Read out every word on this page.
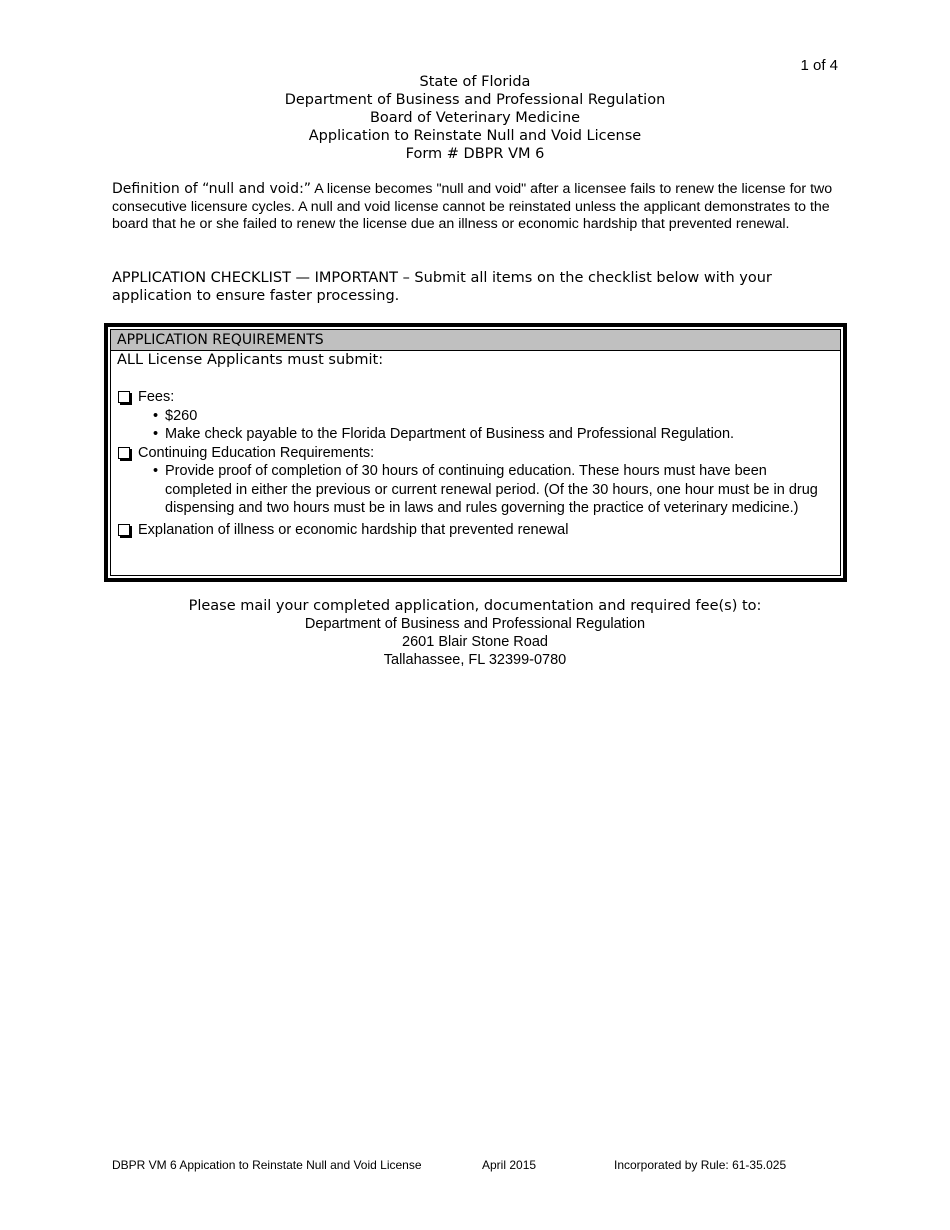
1 of 4
State of Florida
Department of Business and Professional Regulation
Board of Veterinary Medicine
Application to Reinstate Null and Void License
Form # DBPR VM 6
Definition of “null and void:” A license becomes "null and void" after a licensee fails to renew the license for two consecutive licensure cycles. A null and void license cannot be reinstated unless the applicant demonstrates to the board that he or she failed to renew the license due an illness or economic hardship that prevented renewal.
APPLICATION CHECKLIST — IMPORTANT – Submit all items on the checklist below with your application to ensure faster processing.
APPLICATION REQUIREMENTS
ALL License Applicants must submit:
Fees:
• $260
• Make check payable to the Florida Department of Business and Professional Regulation.
Continuing Education Requirements:
• Provide proof of completion of 30 hours of continuing education. These hours must have been completed in either the previous or current renewal period. (Of the 30 hours, one hour must be in drug dispensing and two hours must be in laws and rules governing the practice of veterinary medicine.)
Explanation of illness or economic hardship that prevented renewal
Please mail your completed application, documentation and required fee(s) to:
Department of Business and Professional Regulation
2601 Blair Stone Road
Tallahassee, FL 32399-0780
DBPR VM 6 Appication to Reinstate Null and Void License	April 2015	Incorporated by Rule: 61-35.025
